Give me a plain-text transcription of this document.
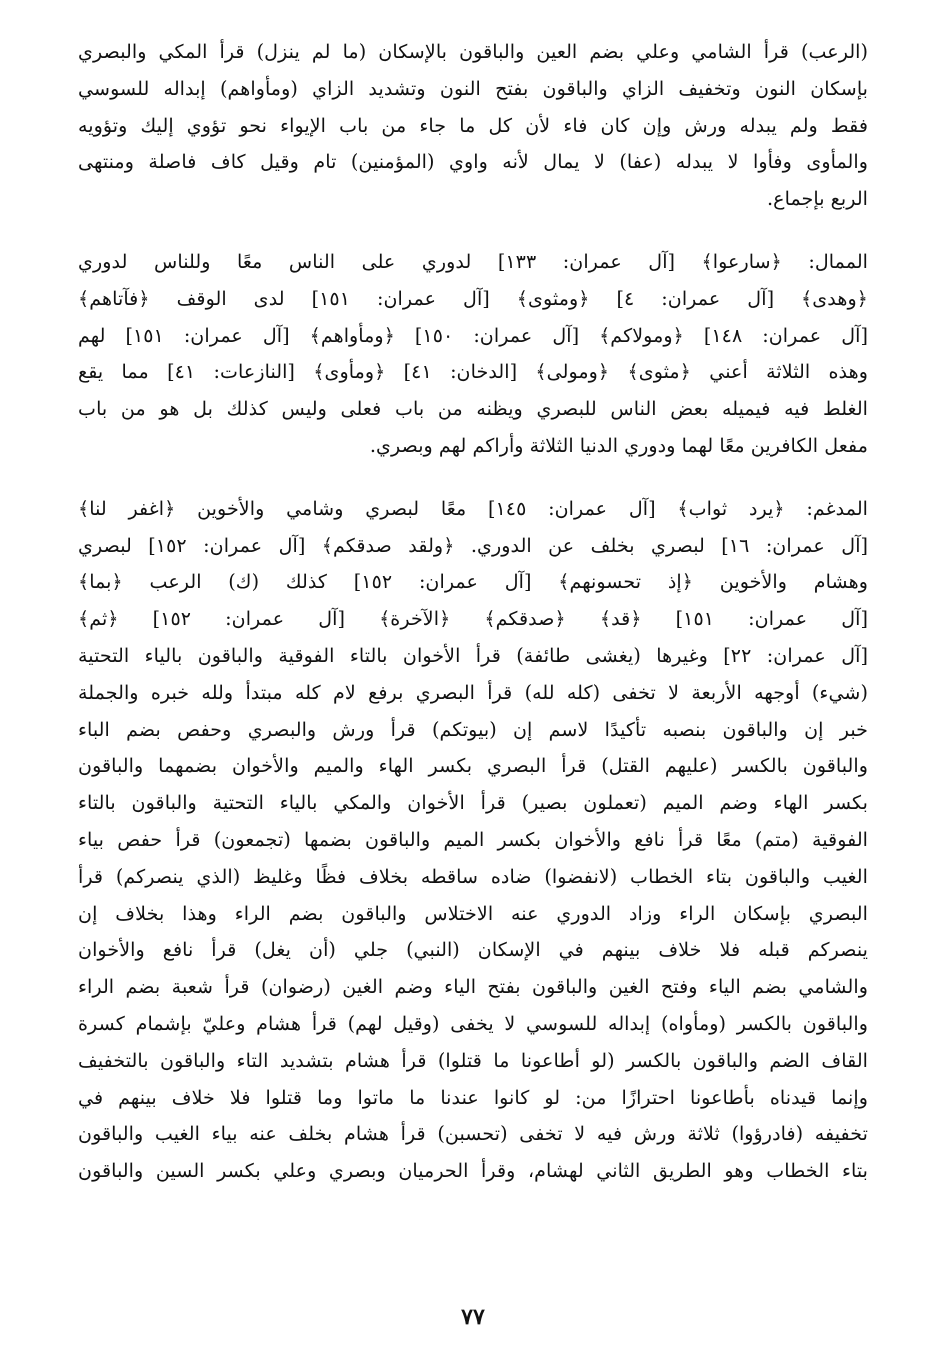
(الرعب) قرأ الشامي وعلي بضم العين والباقون بالإسكان (ما لم ينزل) قرأ المكي والبصري
بإسكان النون وتخفيف الزاي والباقون بفتح النون وتشديد الزاي (ومأواهم) إبداله للسوسي
فقط ولم يبدله ورش وإن كان فاء لأن كل ما جاء من باب الإيواء نحو تؤوي إليك وتؤويه
والمأوى وفأوا لا يبدله (عفا) لا يمال لأنه واوي (المؤمنين) تام وقيل كاف فاصلة ومنتهى
الربع بإجماع.

الممال: ﴿سارعوا﴾ [آل عمران: ١٣٣] لدوري على الناس معًا وللناس لدوري
﴿وهدى﴾ [آل عمران: ٤] ﴿ومثوى﴾ [آل عمران: ١٥١] لدى الوقف ﴿فآتاهم﴾
[آل عمران: ١٤٨] ﴿ومولاكم﴾ [آل عمران: ١٥٠] ﴿ومأواهم﴾ [آل عمران: ١٥١] لهم
وهذه الثلاثة أعني ﴿مثوى﴾ ﴿ومولى﴾ [الدخان: ٤١] ﴿ومأوى﴾ [النازعات: ٤١] مما يقع
الغلط فيه فيميله بعض الناس للبصري ويظنه من باب فعلى وليس كذلك بل هو من باب
مفعل الكافرين معًا لهما ودوري الدنيا الثلاثة وأراكم لهم وبصري.

المدغم: ﴿يرد ثواب﴾ [آل عمران: ١٤٥] معًا لبصري وشامي والأخوين ﴿اغفر لنا﴾
[آل عمران: ١٦] لبصري بخلف عن الدوري. ﴿ولقد صدقكم﴾ [آل عمران: ١٥٢] لبصري
وهشام والأخوين ﴿إذ تحسونهم﴾ [آل عمران: ١٥٢] كذلك (ك) الرعب ﴿بما﴾
[آل عمران: ١٥١] ﴿قد﴾ ﴿صدقكم﴾ ﴿الآخرة﴾ [آل عمران: ١٥٢] ﴿ثم﴾
[آل عمران: ٢٢] وغيرها (يغشى طائفة) قرأ الأخوان بالتاء الفوقية والباقون بالياء التحتية
(شيء) أوجهه الأربعة لا تخفى (كله لله) قرأ البصري برفع لام كله مبتدأ ولله خبره والجملة
خبر إن والباقون بنصبه تأكيدًا لاسم إن (بيوتكم) قرأ ورش والبصري وحفص بضم الباء
والباقون بالكسر (عليهم القتل) قرأ البصري بكسر الهاء والميم والأخوان بضمهما والباقون
بكسر الهاء وضم الميم (تعملون بصير) قرأ الأخوان والمكي بالياء التحتية والباقون بالتاء
الفوقية (متم) معًا قرأ نافع والأخوان بكسر الميم والباقون بضمها (تجمعون) قرأ حفص بياء
الغيب والباقون بتاء الخطاب (لانفضوا) ضاده ساقطه بخلاف فظًا وغليظ (الذي ينصركم) قرأ
البصري بإسكان الراء وزاد الدوري عنه الاختلاس والباقون بضم الراء وهذا بخلاف إن
ينصركم قبله فلا خلاف بينهم في الإسكان (النبي) جلي (أن يغل) قرأ نافع والأخوان
والشامي بضم الياء وفتح الغين والباقون بفتح الياء وضم الغين (رضوان) قرأ شعبة بضم الراء
والباقون بالكسر (ومأواه) إبداله للسوسي لا يخفى (وقيل لهم) قرأ هشام وعليّ بإشمام كسرة
القاف الضم والباقون بالكسر (لو أطاعونا ما قتلوا) قرأ هشام بتشديد التاء والباقون بالتخفيف
وإنما قيدناه بأطاعونا احترازًا من: لو كانوا عندنا ما ماتوا وما قتلوا فلا خلاف بينهم في
تخفيفه (فادرؤوا) ثلاثة ورش فيه لا تخفى (تحسبن) قرأ هشام بخلف عنه بياء الغيب والباقون
بتاء الخطاب وهو الطريق الثاني لهشام، وقرأ الحرميان وبصري وعلي بكسر السين والباقون

٧٧
